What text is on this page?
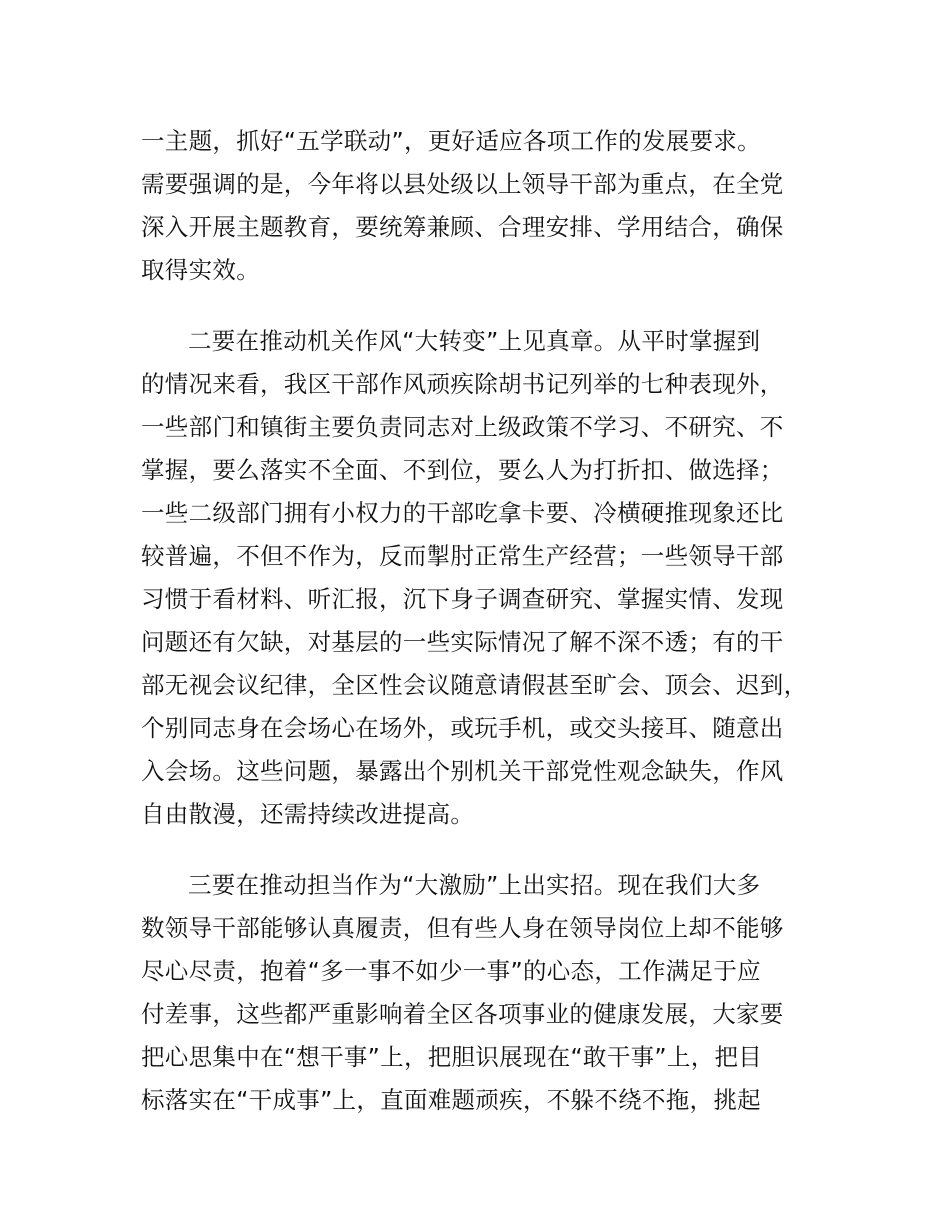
一主题，抓好“五学联动”，更好适应各项工作的发展要求。
需要强调的是，今年将以县处级以上领导干部为重点，在全党
深入开展主题教育，要统筹兼顾、合理安排、学用结合，确保
取得实效。
二要在推动机关作风“大转变”上见真章。从平时掌握到
的情况来看，我区干部作风顽疾除胡书记列举的七种表现外，
一些部门和镇街主要负责同志对上级政策不学习、不研究、不
掌握，要么落实不全面、不到位，要么人为打折扣、做选择；
一些二级部门拥有小权力的干部吃拿卡要、冷横硬推现象还比
较普遍，不但不作为，反而掣肘正常生产经营；一些领导干部
习惯于看材料、听汇报，沉下身子调查研究、掌握实情、发现
问题还有欠缺，对基层的一些实际情况了解不深不透；有的干
部无视会议纪律，全区性会议随意请假甚至旷会、顶会、迟到，
个别同志身在会场心在场外，或玩手机，或交头接耳、随意出
入会场。这些问题，暴露出个别机关干部党性观念缺失，作风
自由散漫，还需持续改进提高。
三要在推动担当作为“大激励”上出实招。现在我们大多
数领导干部能够认真履责，但有些人身在领导岗位上却不能够
尽心尽责，抱着“多一事不如少一事”的心态，工作满足于应
付差事，这些都严重影响着全区各项事业的健康发展，大家要
把心思集中在“想干事”上，把胆识展现在“敢干事”上，把目
标落实在“干成事”上，直面难题顽疾，不躲不绕不拖，挑起
